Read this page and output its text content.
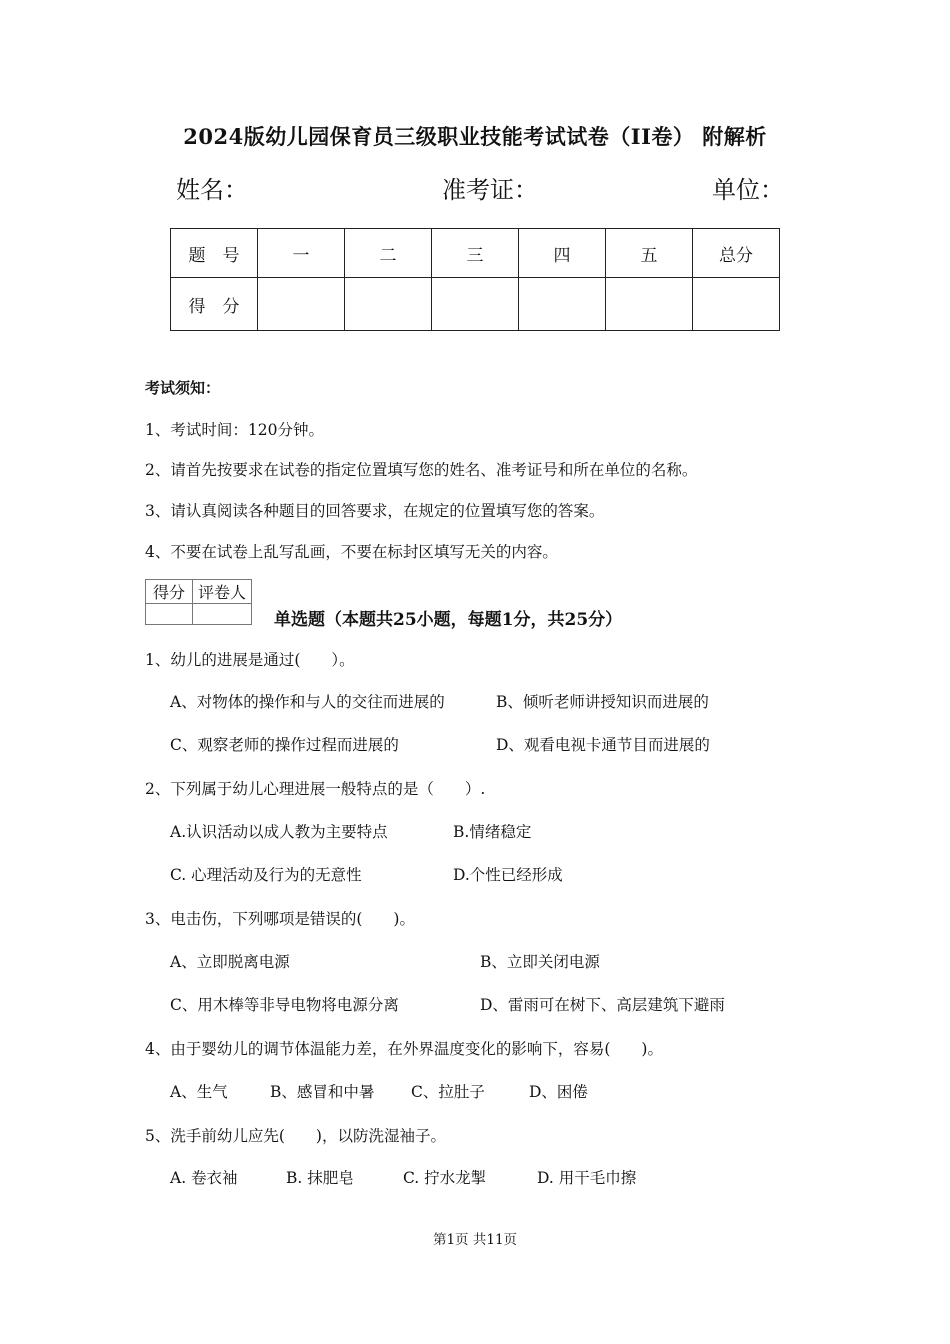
2024版幼儿园保育员三级职业技能考试试卷（II卷） 附解析
姓名：	准考证：	单位：
题　号	一	二	三	四	五	总分
得　分						
考试须知：
1、考试时间：120分钟。
2、请首先按要求在试卷的指定位置填写您的姓名、准考证号和所在单位的名称。
3、请认真阅读各种题目的回答要求，在规定的位置填写您的答案。
4、不要在试卷上乱写乱画，不要在标封区填写无关的内容。
得分	评卷人

单选题（本题共25小题，每题1分，共25分）
1、幼儿的进展是通过(　　）。
A、对物体的操作和与人的交往而进展的	B、倾听老师讲授知识而进展的
C、观察老师的操作过程而进展的	D、观看电视卡通节目而进展的
2、下列属于幼儿心理进展一般特点的是（　　）.
A.认识活动以成人教为主要特点	B.情绪稳定
C. 心理活动及行为的无意性	D.个性已经形成
3、电击伤，下列哪项是错误的(　　)。
A、立即脱离电源	B、立即关闭电源
C、用木棒等非导电物将电源分离	D、雷雨可在树下、高层建筑下避雨
4、由于婴幼儿的调节体温能力差，在外界温度变化的影响下，容易(　　)。
A、生气	B、感冒和中暑 C、拉肚子	D、困倦
5、洗手前幼儿应先(　　)，以防洗湿袖子。
A. 卷衣袖	B. 抹肥皂	C. 拧水龙掣	D. 用干毛巾擦
第1页 共11页
